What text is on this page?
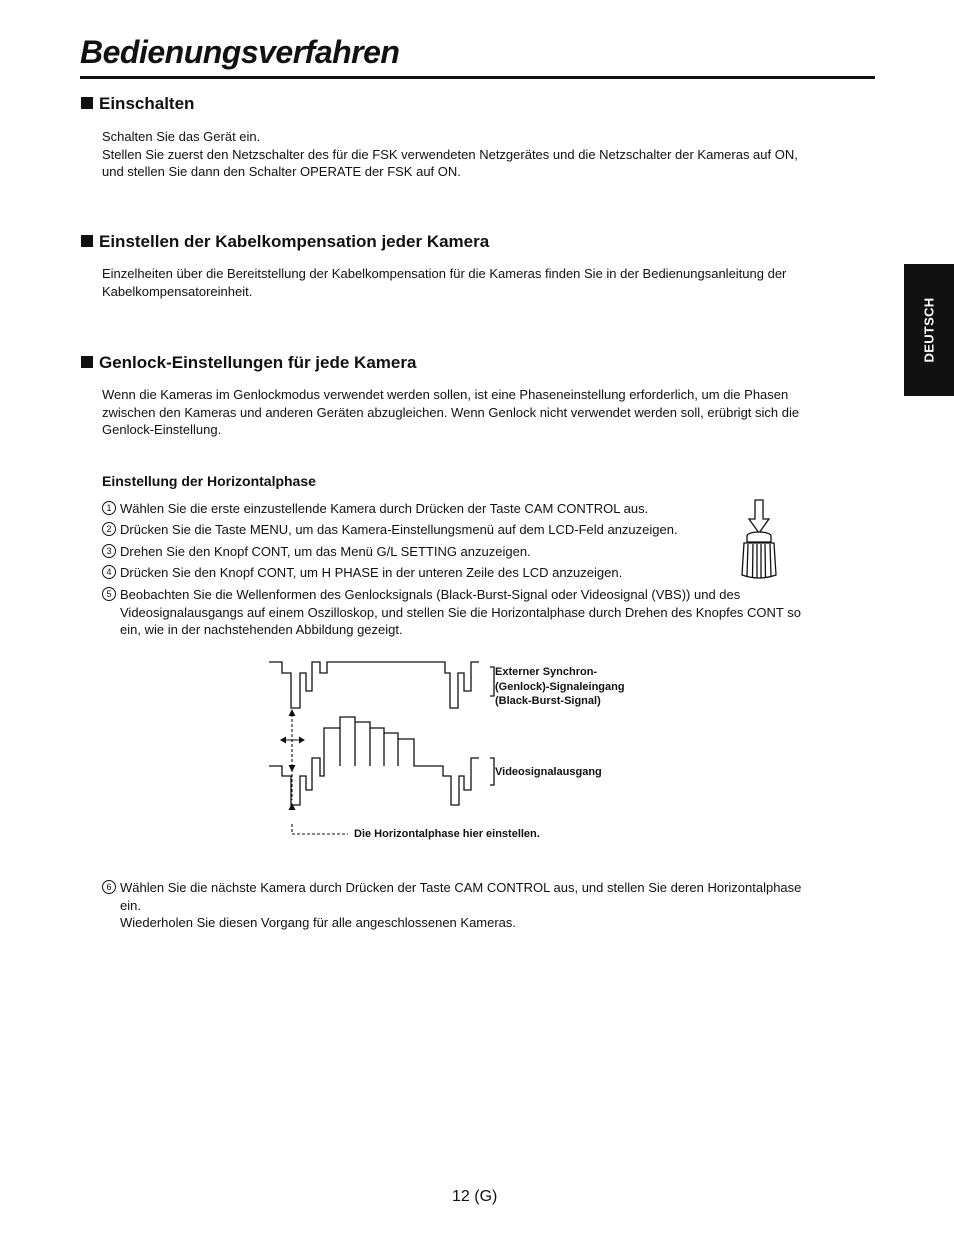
Bedienungsverfahren
DEUTSCH
Einschalten
Schalten Sie das Gerät ein.
Stellen Sie zuerst den Netzschalter des für die FSK verwendeten Netzgerätes und die Netzschalter der Kameras auf ON,
und stellen Sie dann den Schalter OPERATE der FSK auf ON.
Einstellen der Kabelkompensation jeder Kamera
Einzelheiten über die Bereitstellung der Kabelkompensation für die Kameras finden Sie in der Bedienungsanleitung der
Kabelkompensatoreinheit.
Genlock-Einstellungen für jede Kamera
Wenn die Kameras im Genlockmodus verwendet werden sollen, ist eine Phaseneinstellung erforderlich, um die Phasen
zwischen den Kameras und anderen Geräten abzugleichen. Wenn Genlock nicht verwendet werden soll, erübrigt sich die
Genlock-Einstellung.
Einstellung der Horizontalphase
1 Wählen Sie die erste einzustellende Kamera durch Drücken der Taste CAM CONTROL aus.
2 Drücken Sie die Taste MENU, um das Kamera-Einstellungsmenü auf dem LCD-Feld anzuzeigen.
3 Drehen Sie den Knopf CONT, um das Menü G/L SETTING anzuzeigen.
4 Drücken Sie den Knopf CONT, um H PHASE in der unteren Zeile des LCD anzuzeigen.
5 Beobachten Sie die Wellenformen des Genlocksignals (Black-Burst-Signal oder Videosignal (VBS)) und des
Videosignalausgangs auf einem Oszilloskop, und stellen Sie die Horizontalphase durch Drehen des Knopfes CONT so
ein, wie in der nachstehenden Abbildung gezeigt.
Externer Synchron-
(Genlock)-Signaleingang
(Black-Burst-Signal)
Videosignalausgang
Die Horizontalphase hier einstellen.
6 Wählen Sie die nächste Kamera durch Drücken der Taste CAM CONTROL aus, und stellen Sie deren Horizontalphase
ein.
Wiederholen Sie diesen Vorgang für alle angeschlossenen Kameras.

12 (G)
